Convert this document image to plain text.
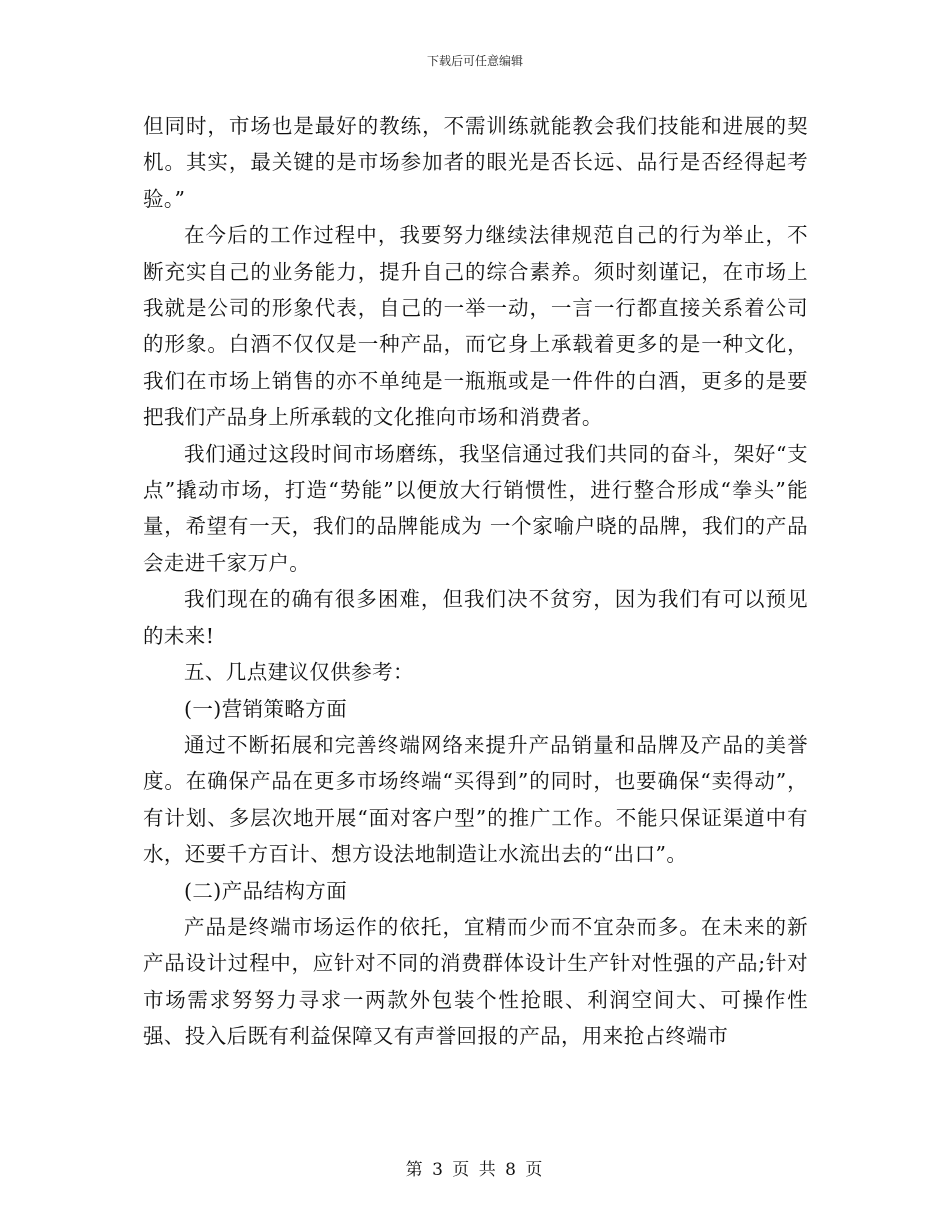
下载后可任意编辑

但同时，市场也是最好的教练，不需训练就能教会我们技能和进展的契机。其实，最关键的是市场参加者的眼光是否长远、品行是否经得起考验。”

在今后的工作过程中，我要努力继续法律规范自己的行为举止，不断充实自己的业务能力，提升自己的综合素养。须时刻谨记，在市场上我就是公司的形象代表，自己的一举一动，一言一行都直接关系着公司的形象。白酒不仅仅是一种产品，而它身上承载着更多的是一种文化，我们在市场上销售的亦不单纯是一瓶瓶或是一件件的白酒，更多的是要把我们产品身上所承载的文化推向市场和消费者。

我们通过这段时间市场磨练，我坚信通过我们共同的奋斗，架好“支点”撬动市场，打造“势能”以便放大行销惯性，进行整合形成“拳头”能量，希望有一天，我们的品牌能成为 一个家喻户晓的品牌，我们的产品会走进千家万户。

我们现在的确有很多困难，但我们决不贫穷，因为我们有可以预见的未来!

五、几点建议仅供参考：

(一)营销策略方面

通过不断拓展和完善终端网络来提升产品销量和品牌及产品的美誉度。在确保产品在更多市场终端“买得到”的同时，也要确保“卖得动”，有计划、多层次地开展“面对客户型”的推广工作。不能只保证渠道中有水，还要千方百计、想方设法地制造让水流出去的“出口”。

(二)产品结构方面

产品是终端市场运作的依托，宜精而少而不宜杂而多。在未来的新产品设计过程中，应针对不同的消费群体设计生产针对性强的产品;针对市场需求努努力寻求一两款外包装个性抢眼、利润空间大、可操作性强、投入后既有利益保障又有声誉回报的产品，用来抢占终端市

第 3 页 共 8 页
